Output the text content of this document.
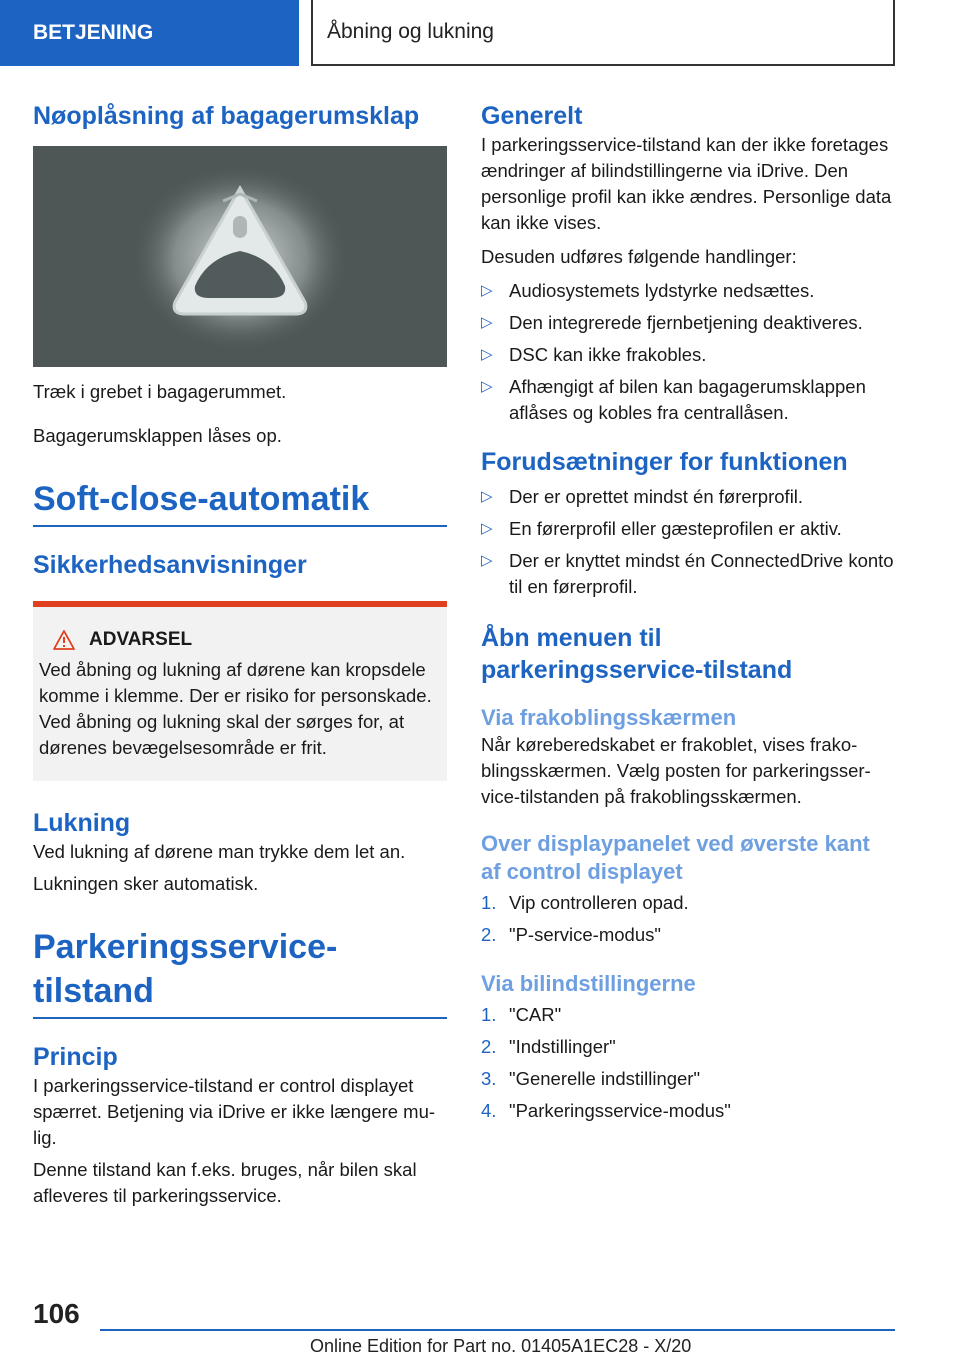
BETJENING	Åbning og lukning
Nøoplåsning af bagagerumsklap

Træk i grebet i bagagerummet.

Bagagerumsklappen låses op.

Soft-close-automatik
Sikkerhedsanvisninger
ADVARSEL

Ved åbning og lukning af dørene kan kropsdele komme i klemme. Der er risiko for personskade. Ved åbning og lukning skal der sørges for, at dørenes bevægelsesområde er frit.

Lukning

Ved lukning af dørene man trykke dem let an.

Lukningen sker automatisk.

Parkeringsservice-tilstand
Princip

I parkeringsservice-tilstand er control displayet spærret. Betjening via iDrive er ikke længere mulig.

Denne tilstand kan f.eks. bruges, når bilen skal afleveres til parkeringsservice.

Generelt

I parkeringsservice-tilstand kan der ikke foretages ændringer af bilindstillingerne via iDrive. Den personlige profil kan ikke ændres. Personlige data kan ikke vises.

Desuden udføres følgende handlinger:

▷ Audiosystemets lydstyrke nedsættes.
▷ Den integrerede fjernbetjening deaktiveres.
▷ DSC kan ikke frakobles.
▷ Afhængigt af bilen kan bagagerumsklappen aflåses og kobles fra centrallåsen.
Forudsætninger for funktionen
▷ Der er oprettet mindst én førerprofil.
▷ En førerprofil eller gæsteprofilen er aktiv.
▷ Der er knyttet mindst én ConnectedDrive konto til en førerprofil.
Åbn menuen til parkeringsservice-tilstand
Via frakoblingsskærmen

Når køreberedskabet er frakoblet, vises frakoblingsskærmen. Vælg posten for parkeringsservice-tilstanden på frakoblingsskærmen.

Over displaypanelet ved øverste kant af control displayet
1. Vip controlleren opad.
2. "P-service-modus"
Via bilindstillingerne
1. "CAR"
2. "Indstillinger"
3. "Generelle indstillinger"
4. "Parkeringsservice-modus"
106
Online Edition for Part no. 01405A1EC28 - X/20
